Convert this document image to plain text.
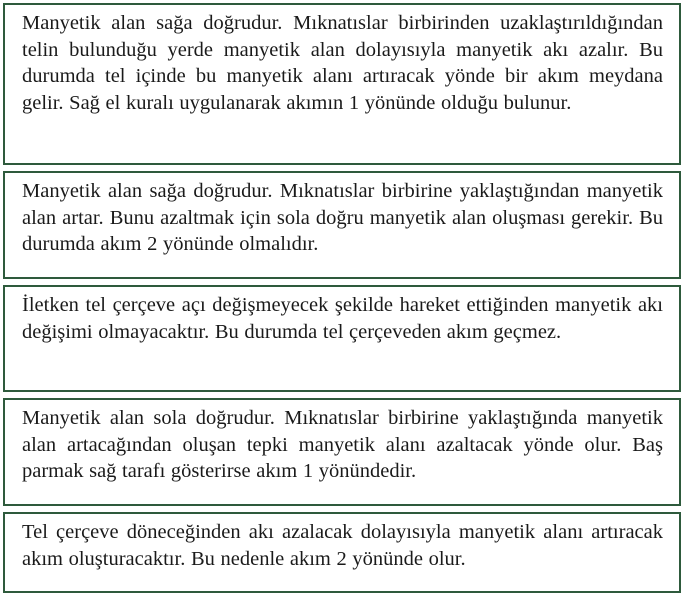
Manyetik alan sağa doğrudur. Mıknatıslar birbirinden uzaklaştırıldığından telin bulunduğu yerde manyetik alan dolayısıyla manyetik akı azalır. Bu durumda tel içinde bu manyetik alanı artıracak yönde bir akım meydana gelir. Sağ el kuralı uygulanarak akımın 1 yönünde olduğu bulunur.
Manyetik alan sağa doğrudur. Mıknatıslar birbirine yaklaştığından manyetik alan artar. Bunu azaltmak için sola doğru manyetik alan oluşması gerekir. Bu durumda akım 2 yönünde olmalıdır.
İletken tel çerçeve açı değişmeyecek şekilde hareket ettiğinden manyetik akı değişimi olmayacaktır. Bu durumda tel çerçeveden akım geçmez.
Manyetik alan sola doğrudur. Mıknatıslar birbirine yaklaştığında manyetik alan artacağından oluşan tepki manyetik alanı azaltacak yönde olur. Baş parmak sağ tarafı gösterirse akım 1 yönündedir.
Tel çerçeve döneceğinden akı azalacak dolayısıyla manyetik alanı artıracak akım oluşturacaktır. Bu nedenle akım 2 yönünde olur.
